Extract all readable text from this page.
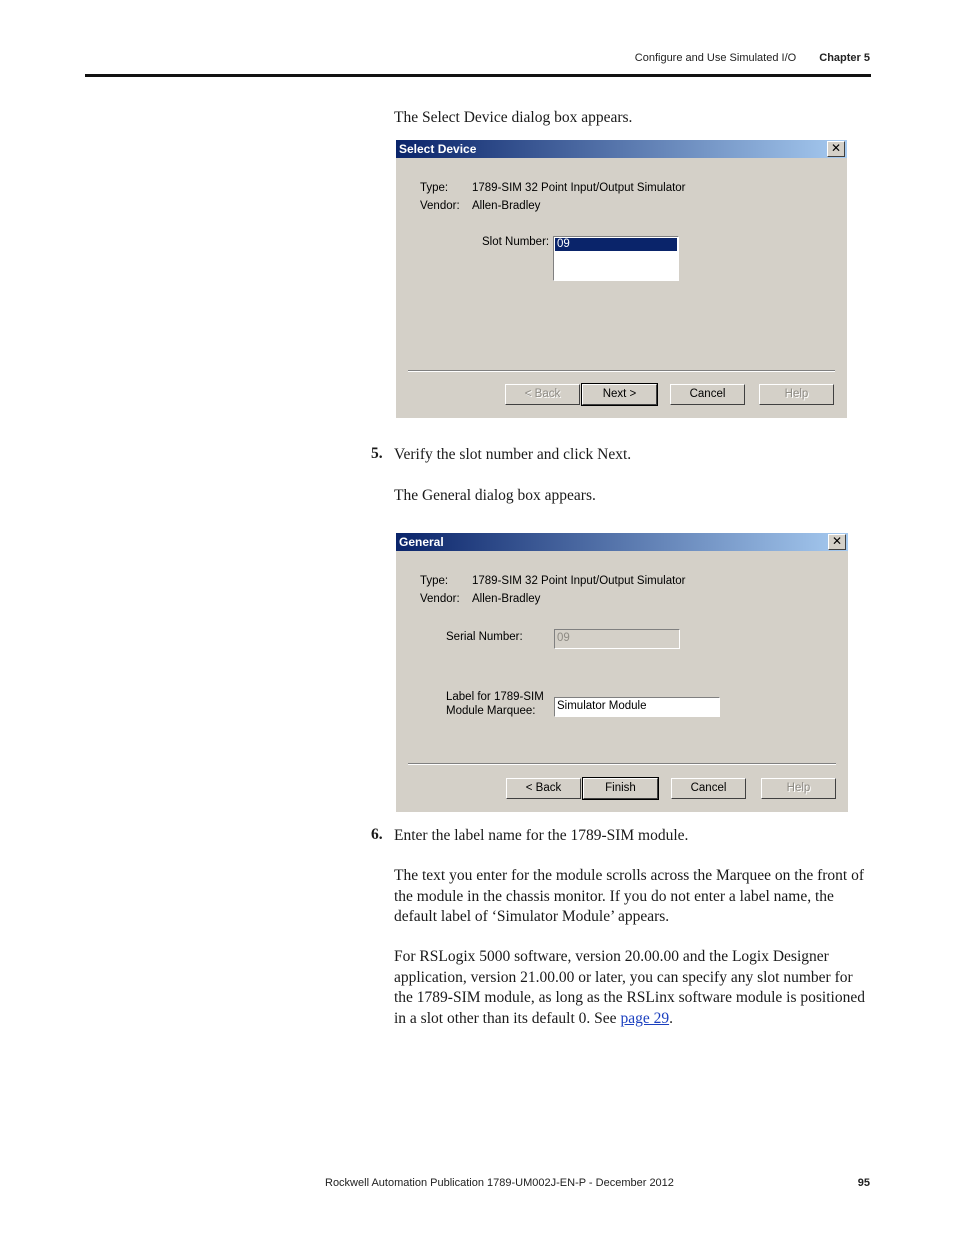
Configure and Use Simulated I/O Chapter 5
The Select Device dialog box appears.
Select Device	✕
Type: 1789-SIM 32 Point Input/Output Simulator
Vendor: Allen-Bradley
Slot Number: 09
< Back	Next >	Cancel	Help
5. Verify the slot number and click Next.
The General dialog box appears.
General	✕
Type: 1789-SIM 32 Point Input/Output Simulator
Vendor: Allen-Bradley
Serial Number:	09
Label for 1789-SIM
Module Marquee: Simulator Module
< Back	Finish	Cancel	Help
6. Enter the label name for the 1789-SIM module.
The text you enter for the module scrolls across the Marquee on the front of the module in the chassis monitor. If you do not enter a label name, the default label of ‘Simulator Module’ appears.
For RSLogix 5000 software, version 20.00.00 and the Logix Designer application, version 21.00.00 or later, you can specify any slot number for the 1789-SIM module, as long as the RSLinx software module is positioned in a slot other than its default 0. See page 29.
Rockwell Automation Publication 1789-UM002J-EN-P - December 2012	95
